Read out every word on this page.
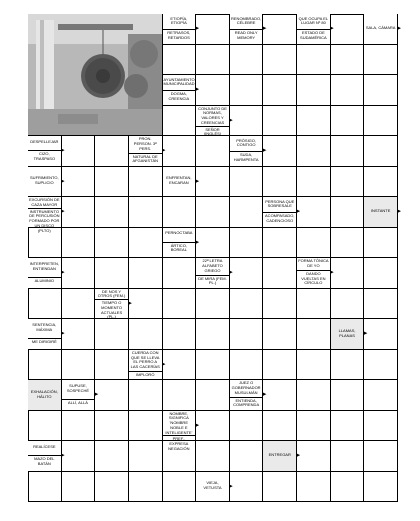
ETIOPÍA, ETIOPÍA
RETRASOS, RETARDOS
▸
RENOMBRADO, CÉLEBRE
READ ONLY MEMORY
▸
QUE OCUPA EL LUGAR Nº 80
ESTADO DE SUDAMÉRICA
▸	SALA, CÁMARA ▸
AYUNTAMIENTO, MUNICIPALIDAD
DOGMA, CREENCIA
▸
CONJUNTO DE NORMAS, VALORES Y CREENCIAS
SEÑOR (INGLÉS)
▸
DESPELLEJAR
CIZO, TRASPASO
▸
PRON. PERSON. 3ª PERS.
NATURAL DE AFGANISTÁN
▸
PRÓSIGO, CONTIGO
SUDA, HARMPENTA
▸
SUFRIMIENTO, SUPLICIO	▸	ENFRENTAN, ENCARAN	▸
EXCURSIÓN DE CAZA MAYOR
INSTRUMENTO DE PERCUSIÓN FORMADO POR UN DISCO (PLTO)
▸
PERSONA QUE SOBRESALE
ACOMPASADO, CADENCIOSO
▸	INSTANTE	▸
PERNOCTABA
ÁRTICO, BOREAL
▸
INTERPRETEN, ENTIENDAN
ALUMINIO
▸
22ª LETRA ALFABETO GRIEGO
DE MIRA (FEM. PL.)
▸
FORMA TÓNICA DE YO
DANDO VUELTAS EN CÍRCULO
▸
DE NOS Y OTROS (FEM.)
TIEMPO O MOMENTO ACTUALES (PL.)
▸
SENTENCIA, MÁXIMA
ME DIRIGIRÉ
▸	LLAMAS, PLANAS	▸
CUERDA CON QUE SE LLEVA EL PERRO A LAS CACERÍAS
IMPLORÓ
▸
EXHALACIÓN, HÁLITO
SUPUSE, SOSPECHÉ
ALLÍ, ALLÁ
▸
JUEZ O GOBERNADOR MUSULMÁN
ENTIENDA, COMPRENDA
▸
NOMBRE, SIGNIFICA 'NOMBRE NOBLE E INTELIGENTE'
PREF., EXPRESA NEGACIÓN
▸
REALÍCESE
MAZO DEL BATÁN
▸	ENTREGAR ▸
VIEJA, VETUSTA	▸
